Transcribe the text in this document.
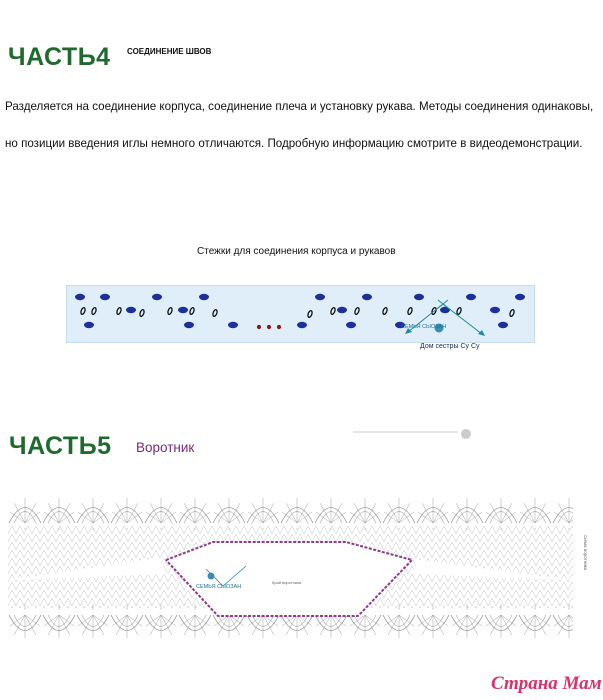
ЧАСТЬ4 СОЕДИНЕНИЕ ШВОВ
Разделяется на соединение корпуса, соединение плеча и установку рукава. Методы соединения одинаковы,
но позиции введения иглы немного отличаются. Подробную информацию смотрите в видеодемонстрации.
Стежки для соединения корпуса и рукавов
СЕМЬЯ СЫОЗАН
Дом сестры Су Су
ЧАСТЬ5 Воротник
СЕМЬЯ СЫОЗАН
Край воротника
схема воротника
Страна Мам
